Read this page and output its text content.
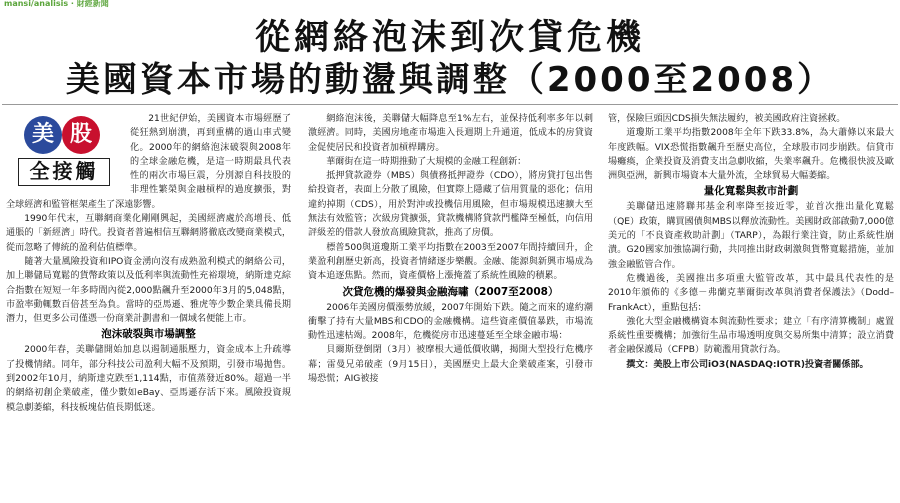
mansi/analisis · 財經新聞
從網絡泡沫到次貸危機
美國資本市場的動盪與調整（2000至2008）
美 股
全接觸

21世紀伊始，美國資本市場經歷了從狂熱到崩潰，再到重構的過山車式變化。2000年的網絡泡沫破裂與2008年的全球金融危機，是這一時期最具代表性的兩次市場巨震，分別源自科技股的非理性繁榮與金融槓桿的過度擴張，對全球經濟和監管框架產生了深遠影響。

1990年代末，互聯網商業化剛剛興起，美國經濟處於高增長、低通脹的「新經濟」時代。投資者普遍相信互聯網將徹底改變商業模式，從而忽略了傳統的盈利估值標準。

隨著大量風險投資和IPO資金湧向沒有成熟盈利模式的網絡公司，加上聯儲局寬鬆的貨幣政策以及低利率與流動性充裕環境，納斯達克綜合指數在短短一年多時間內從2,000點飆升至2000年3月的5,048點，市盈率動輒數百倍甚至為負。當時的亞馬遜、雅虎等少數企業具備長期潛力，但更多公司僅憑一份商業計劃書和一個域名便能上市。

泡沫破裂與市場調整

2000年春，美聯儲開始加息以遏制通脹壓力，資金成本上升疏導了投機情緒。同年，部分科技公司盈利大幅不及預期，引發市場拋售。到2002年10月，納斯達克跌至1,114點，市值蒸發近80%。超過一半的網絡初創企業破產，僅少數如eBay、亞馬遜存活下來。風險投資規模急劇萎縮，科技板塊估值長期低迷。

網絡泡沫後，美聯儲大幅降息至1%左右，並保持低利率多年以刺激經濟。同時，美國房地產市場進入長週期上升通道，低成本的房貸資金促使居民和投資者加槓桿購房。

華爾街在這一時期推動了大規模的金融工程創新：

抵押貸款證券（MBS）與債務抵押證券（CDO），將房貸打包出售給投資者，表面上分散了風險，但實際上隱藏了信用質量的惡化；信用違約掉期（CDS），用於對沖或投機信用風險，但市場規模迅速擴大至無法有效監管；次級房貸擴張，貸款機構將貸款門檻降至極低，向信用評級差的借款人發放高風險貸款，推高了房價。

標普500與道瓊斯工業平均指數在2003至2007年間持續回升，企業盈利創歷史新高，投資者情緒逐步樂觀。金融、能源與新興市場成為資本追逐焦點。然而，資產價格上漲掩蓋了系統性風險的積累。

次貸危機的爆發與金融海嘯（2007至2008）

2006年美國房價漲勢放緩，2007年開始下跌。隨之而來的違約潮衝擊了持有大量MBS和CDO的金融機構。這些資產價值暴跌，市場流動性迅速枯竭。2008年，危機從房市迅速蔓延至全球金融市場：

貝爾斯登倒閉（3月）被摩根大通低價收購，揭開大型投行危機序幕；雷曼兄弟破產（9月15日），美國歷史上最大企業破產案，引發市場恐慌；AIG被接

管，保險巨頭因CDS損失無法履約，被美國政府注資拯救。

道瓊斯工業平均指數2008年全年下跌33.8%，為大蕭條以來最大年度跌幅。VIX恐慌指數飆升至歷史高位，全球股市同步崩跌。信貸市場癱瘓，企業投資及消費支出急劇收縮，失業率飆升。危機很快波及歐洲與亞洲，新興市場資本大量外流，全球貿易大幅萎縮。

量化寬鬆與救市計劃

美聯儲迅速將聯邦基金利率降至接近零，並首次推出量化寬鬆（QE）政策，購買國債與MBS以釋放流動性。美國財政部啟動7,000億美元的「不良資產救助計劃」（TARP），為銀行業注資，防止系統性崩潰。G20國家加強協調行動，共同推出財政刺激與貨幣寬鬆措施，並加強金融監管合作。

危機過後，美國推出多項重大監管改革，其中最具代表性的是2010年頒佈的《多德－弗蘭克華爾街改革與消費者保護法》（Dodd–FrankAct），重點包括：

強化大型金融機構資本與流動性要求；建立「有序清算機制」處置系統性重要機構；加強衍生品市場透明度與交易所集中清算；設立消費者金融保護局（CFPB）防範濫用貸款行為。

撰文：美股上市公司iO3(NASDAQ:IOTR)投資者關係部。
